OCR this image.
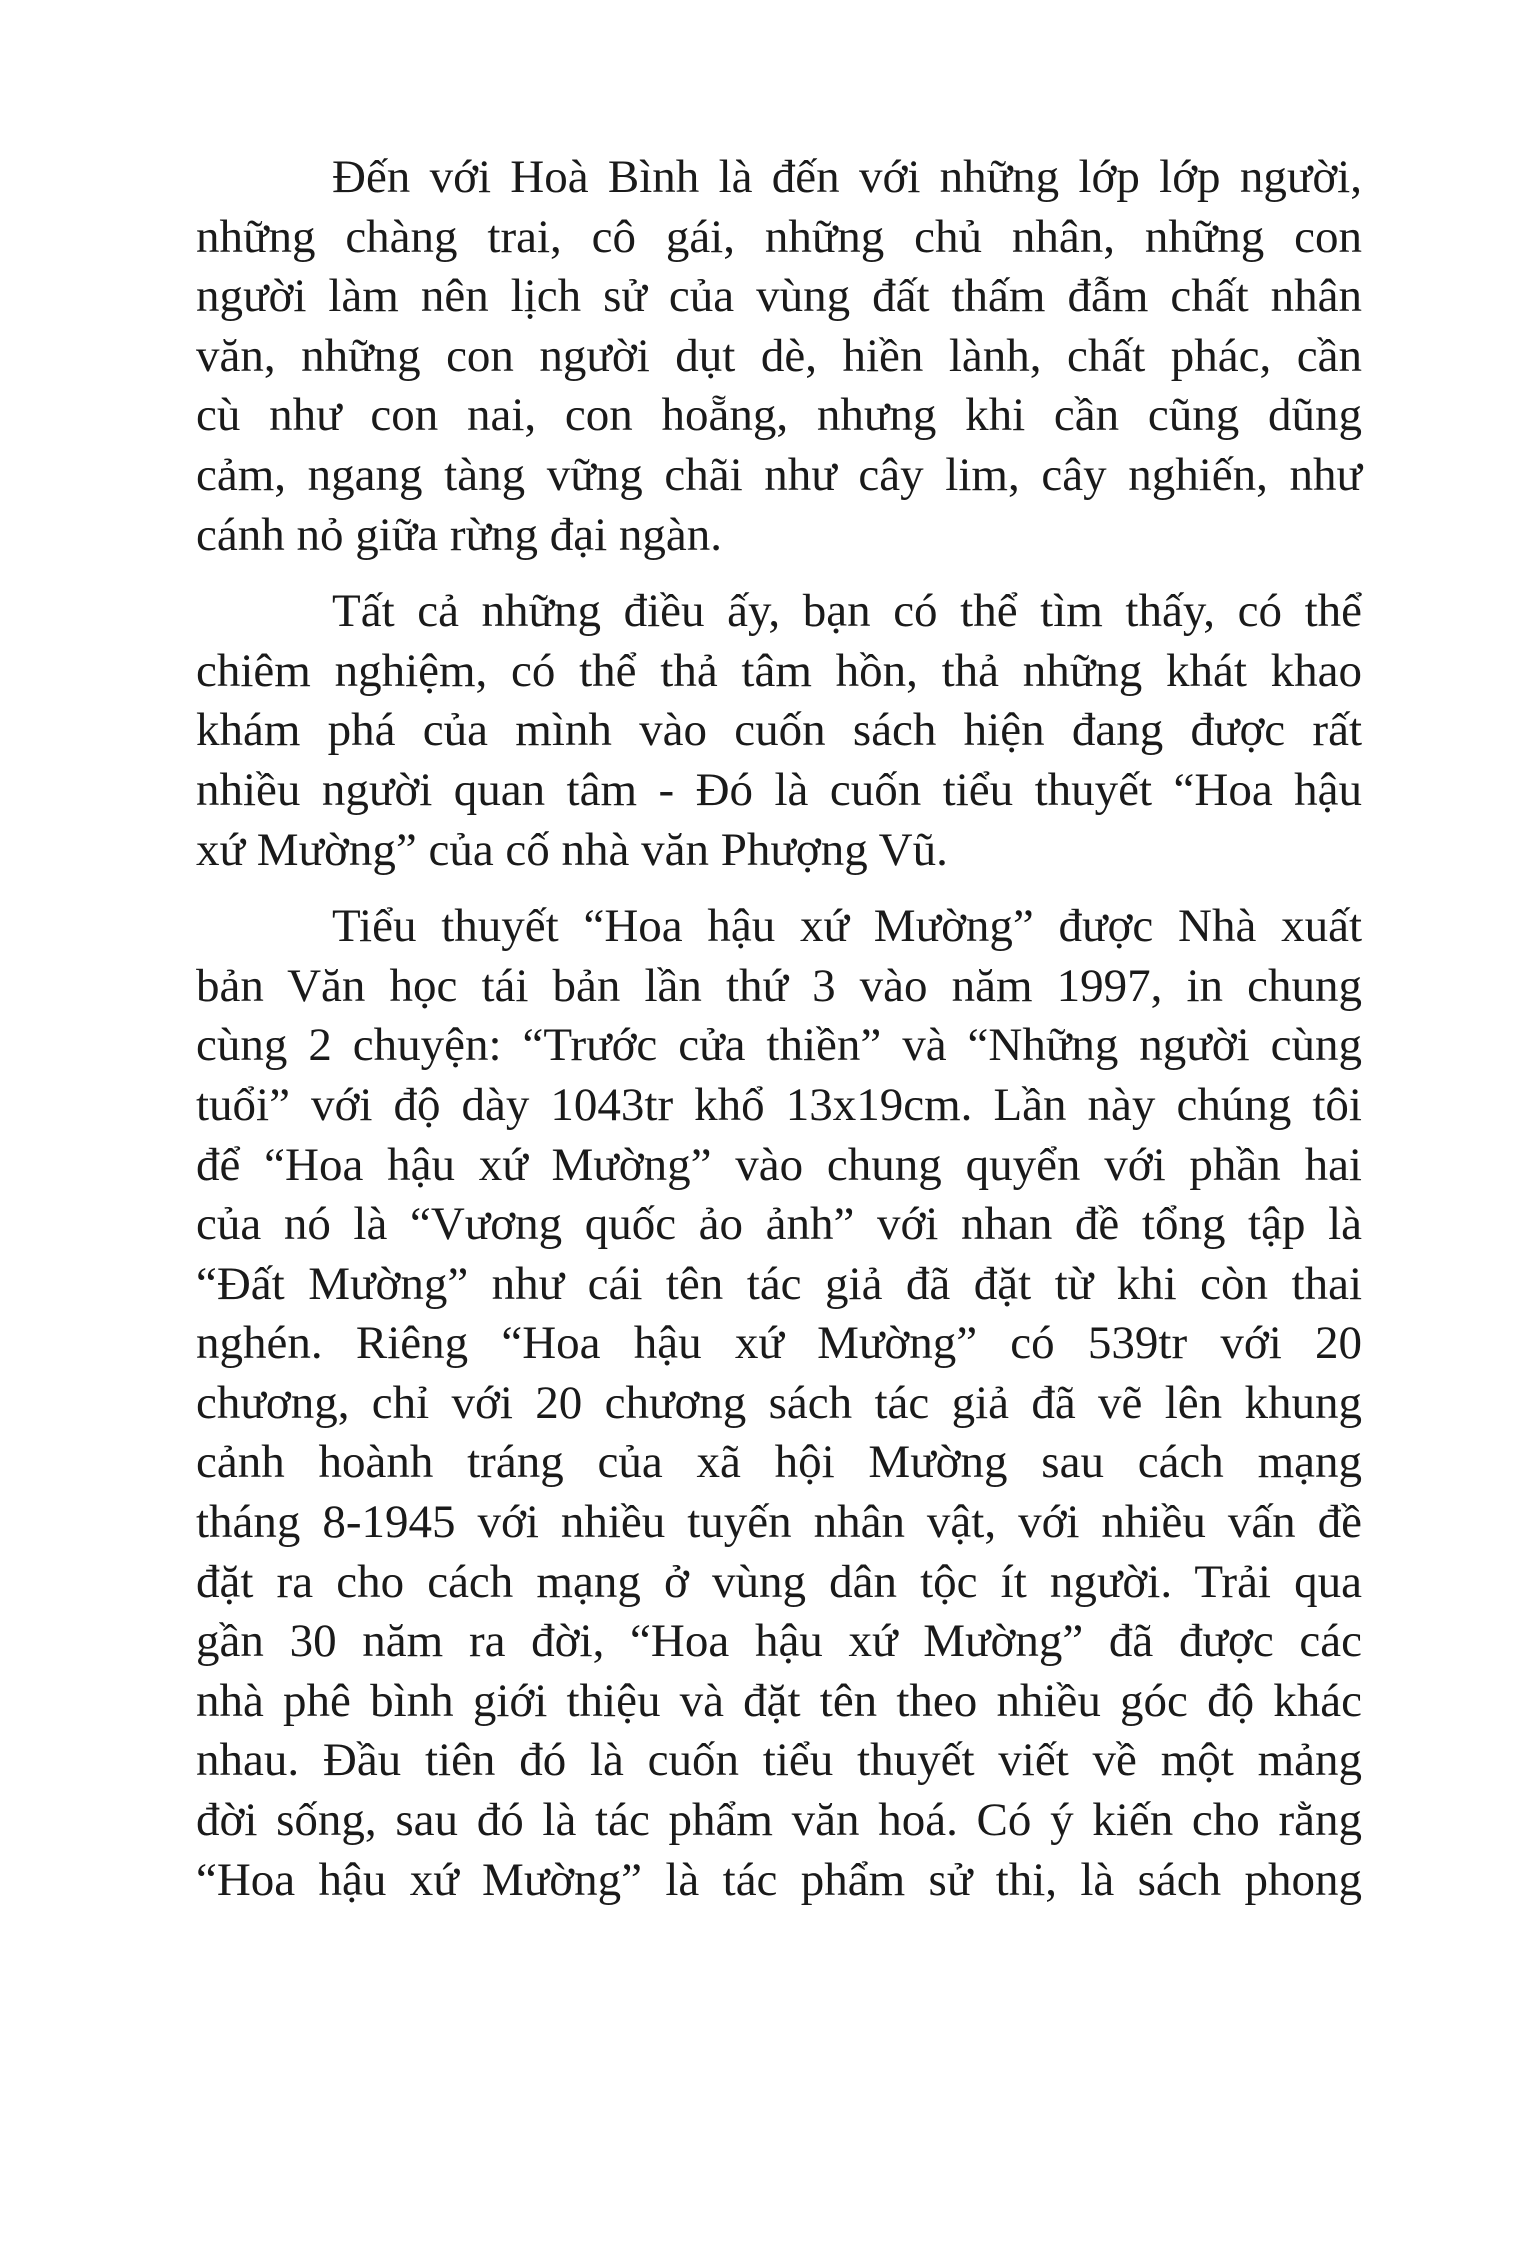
Đến với Hoà Bình là đến với những lớp lớp người,
những chàng trai, cô gái, những chủ nhân, những con
người làm nên lịch sử của vùng đất thấm đẫm chất nhân
văn, những con người dụt dè, hiền lành, chất phác, cần
cù như con nai, con hoẵng, nhưng khi cần cũng dũng
cảm, ngang tàng vững chãi như cây lim, cây nghiến, như
cánh nỏ giữa rừng đại ngàn.
Tất cả những điều ấy, bạn có thể tìm thấy, có thể
chiêm nghiệm, có thể thả tâm hồn, thả những khát khao
khám phá của mình vào cuốn sách hiện đang được rất
nhiều người quan tâm - Đó là cuốn tiểu thuyết “Hoa hậu
xứ Mường” của cố nhà văn Phượng Vũ.
Tiểu thuyết “Hoa hậu xứ Mường” được Nhà xuất
bản Văn học tái bản lần thứ 3 vào năm 1997, in chung
cùng 2 chuyện: “Trước cửa thiền” và “Những người cùng
tuổi” với độ dày 1043tr khổ 13x19cm. Lần này chúng tôi
để “Hoa hậu xứ Mường” vào chung quyển với phần hai
của nó là “Vương quốc ảo ảnh” với nhan đề tổng tập là
“Đất Mường” như cái tên tác giả đã đặt từ khi còn thai
nghén. Riêng “Hoa hậu xứ Mường” có 539tr với 20
chương, chỉ với 20 chương sách tác giả đã vẽ lên khung
cảnh hoành tráng của xã hội Mường sau cách mạng
tháng 8-1945 với nhiều tuyến nhân vật, với nhiều vấn đề
đặt ra cho cách mạng ở vùng dân tộc ít người. Trải qua
gần 30 năm ra đời, “Hoa hậu xứ Mường” đã được các
nhà phê bình giới thiệu và đặt tên theo nhiều góc độ khác
nhau. Đầu tiên đó là cuốn tiểu thuyết viết về một mảng
đời sống, sau đó là tác phẩm văn hoá. Có ý kiến cho rằng
“Hoa hậu xứ Mường” là tác phẩm sử thi, là sách phong
